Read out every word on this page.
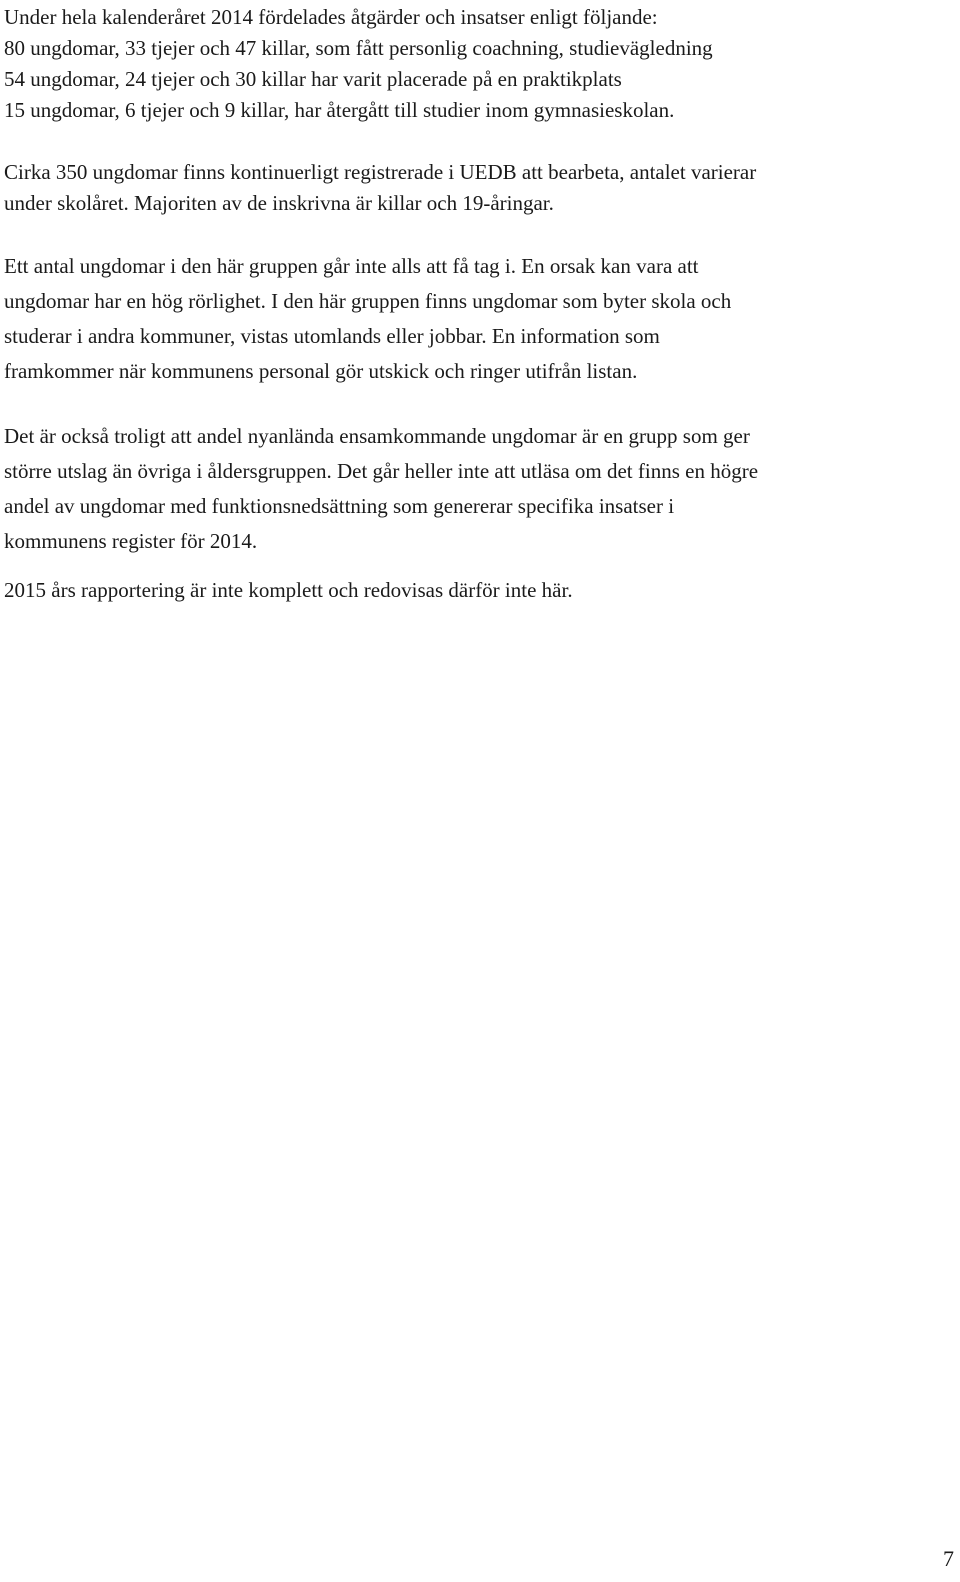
Under hela kalenderåret 2014 fördelades åtgärder och insatser enligt följande:
80 ungdomar, 33 tjejer och 47 killar, som fått personlig coachning, studievägledning
54 ungdomar, 24 tjejer och 30 killar har varit placerade på en praktikplats
15 ungdomar, 6 tjejer och 9 killar, har återgått till studier inom gymnasieskolan.
Cirka 350 ungdomar finns kontinuerligt registrerade i UEDB att bearbeta, antalet varierar
under skolåret. Majoriten av de inskrivna är killar och 19-åringar.
Ett antal ungdomar i den här gruppen går inte alls att få tag i. En orsak kan vara att
ungdomar har en hög rörlighet. I den här gruppen finns ungdomar som byter skola och
studerar i andra kommuner, vistas utomlands eller jobbar. En information som
framkommer när kommunens personal gör utskick och ringer utifrån listan.
Det är också troligt att andel nyanlända ensamkommande ungdomar är en grupp som ger
större utslag än övriga i åldersgruppen. Det går heller inte att utläsa om det finns en högre
andel av ungdomar med funktionsnedsättning som genererar specifika insatser i
kommunens register för 2014.
2015 års rapportering är inte komplett och redovisas därför inte här.
7
